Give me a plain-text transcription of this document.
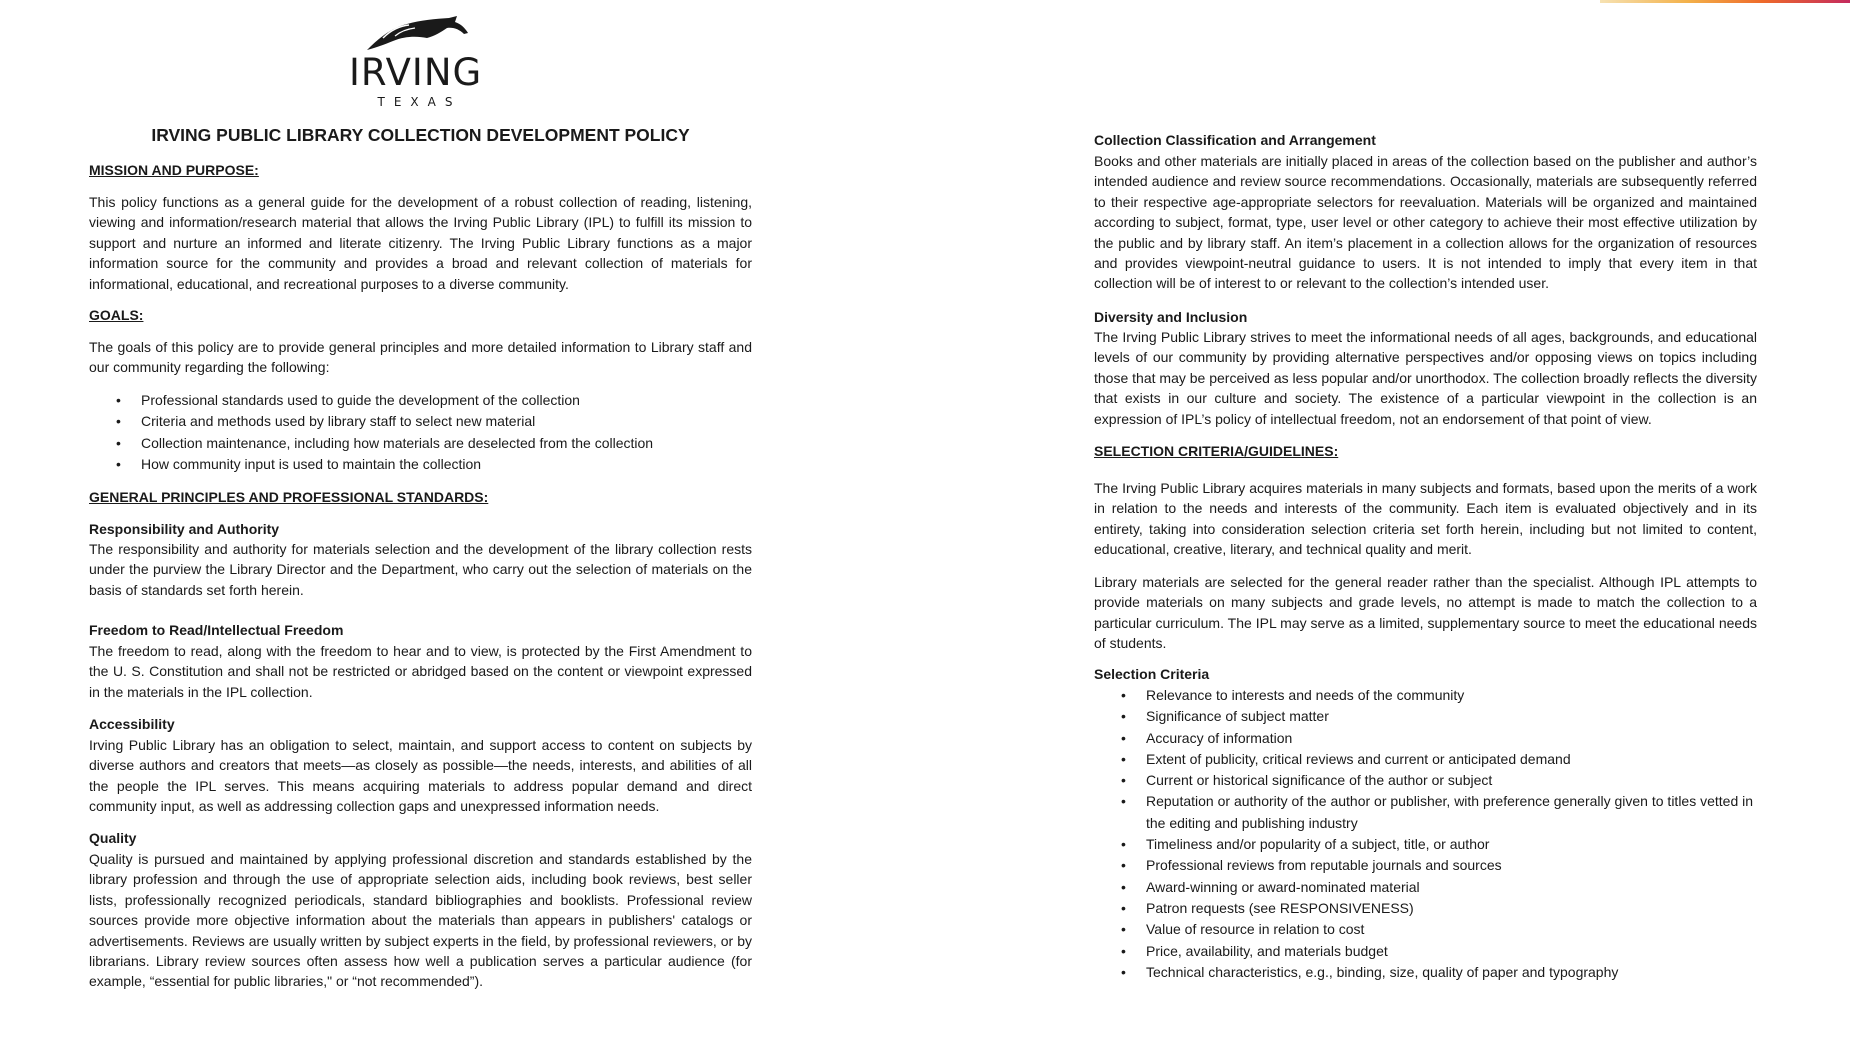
IRVING
TEXAS
IRVING PUBLIC LIBRARY COLLECTION DEVELOPMENT POLICY
MISSION AND PURPOSE:
This policy functions as a general guide for the development of a robust collection of reading, listening, viewing and information/research material that allows the Irving Public Library (IPL) to fulfill its mission to support and nurture an informed and literate citizenry. The Irving Public Library functions as a major information source for the community and provides a broad and relevant collection of materials for informational, educational, and recreational purposes to a diverse community.
GOALS:
The goals of this policy are to provide general principles and more detailed information to Library staff and our community regarding the following:
• Professional standards used to guide the development of the collection
• Criteria and methods used by library staff to select new material
• Collection maintenance, including how materials are deselected from the collection
• How community input is used to maintain the collection
GENERAL PRINCIPLES AND PROFESSIONAL STANDARDS:
Responsibility and Authority
The responsibility and authority for materials selection and the development of the library collection rests under the purview the Library Director and the Department, who carry out the selection of materials on the basis of standards set forth herein.
Freedom to Read/Intellectual Freedom
The freedom to read, along with the freedom to hear and to view, is protected by the First Amendment to the U. S. Constitution and shall not be restricted or abridged based on the content or viewpoint expressed in the materials in the IPL collection.
Accessibility
Irving Public Library has an obligation to select, maintain, and support access to content on subjects by diverse authors and creators that meets—as closely as possible—the needs, interests, and abilities of all the people the IPL serves. This means acquiring materials to address popular demand and direct community input, as well as addressing collection gaps and unexpressed information needs.
Quality
Quality is pursued and maintained by applying professional discretion and standards established by the library profession and through the use of appropriate selection aids, including book reviews, best seller lists, professionally recognized periodicals, standard bibliographies and booklists. Professional review sources provide more objective information about the materials than appears in publishers' catalogs or advertisements. Reviews are usually written by subject experts in the field, by professional reviewers, or by librarians. Library review sources often assess how well a publication serves a particular audience (for example, “essential for public libraries," or “not recommended”).
Collection Classification and Arrangement
Books and other materials are initially placed in areas of the collection based on the publisher and author’s intended audience and review source recommendations. Occasionally, materials are subsequently referred to their respective age-appropriate selectors for reevaluation. Materials will be organized and maintained according to subject, format, type, user level or other category to achieve their most effective utilization by the public and by library staff. An item’s placement in a collection allows for the organization of resources and provides viewpoint-neutral guidance to users. It is not intended to imply that every item in that collection will be of interest to or relevant to the collection’s intended user.
Diversity and Inclusion
The Irving Public Library strives to meet the informational needs of all ages, backgrounds, and educational levels of our community by providing alternative perspectives and/or opposing views on topics including those that may be perceived as less popular and/or unorthodox. The collection broadly reflects the diversity that exists in our culture and society. The existence of a particular viewpoint in the collection is an expression of IPL’s policy of intellectual freedom, not an endorsement of that point of view.
SELECTION CRITERIA/GUIDELINES:
The Irving Public Library acquires materials in many subjects and formats, based upon the merits of a work in relation to the needs and interests of the community. Each item is evaluated objectively and in its entirety, taking into consideration selection criteria set forth herein, including but not limited to content, educational, creative, literary, and technical quality and merit.
Library materials are selected for the general reader rather than the specialist. Although IPL attempts to provide materials on many subjects and grade levels, no attempt is made to match the collection to a particular curriculum. The IPL may serve as a limited, supplementary source to meet the educational needs of students.
Selection Criteria
• Relevance to interests and needs of the community
• Significance of subject matter
• Accuracy of information
• Extent of publicity, critical reviews and current or anticipated demand
• Current or historical significance of the author or subject
• Reputation or authority of the author or publisher, with preference generally given to titles vetted in the editing and publishing industry
• Timeliness and/or popularity of a subject, title, or author
• Professional reviews from reputable journals and sources
• Award-winning or award-nominated material
• Patron requests (see RESPONSIVENESS)
• Value of resource in relation to cost
• Price, availability, and materials budget
• Technical characteristics, e.g., binding, size, quality of paper and typography
